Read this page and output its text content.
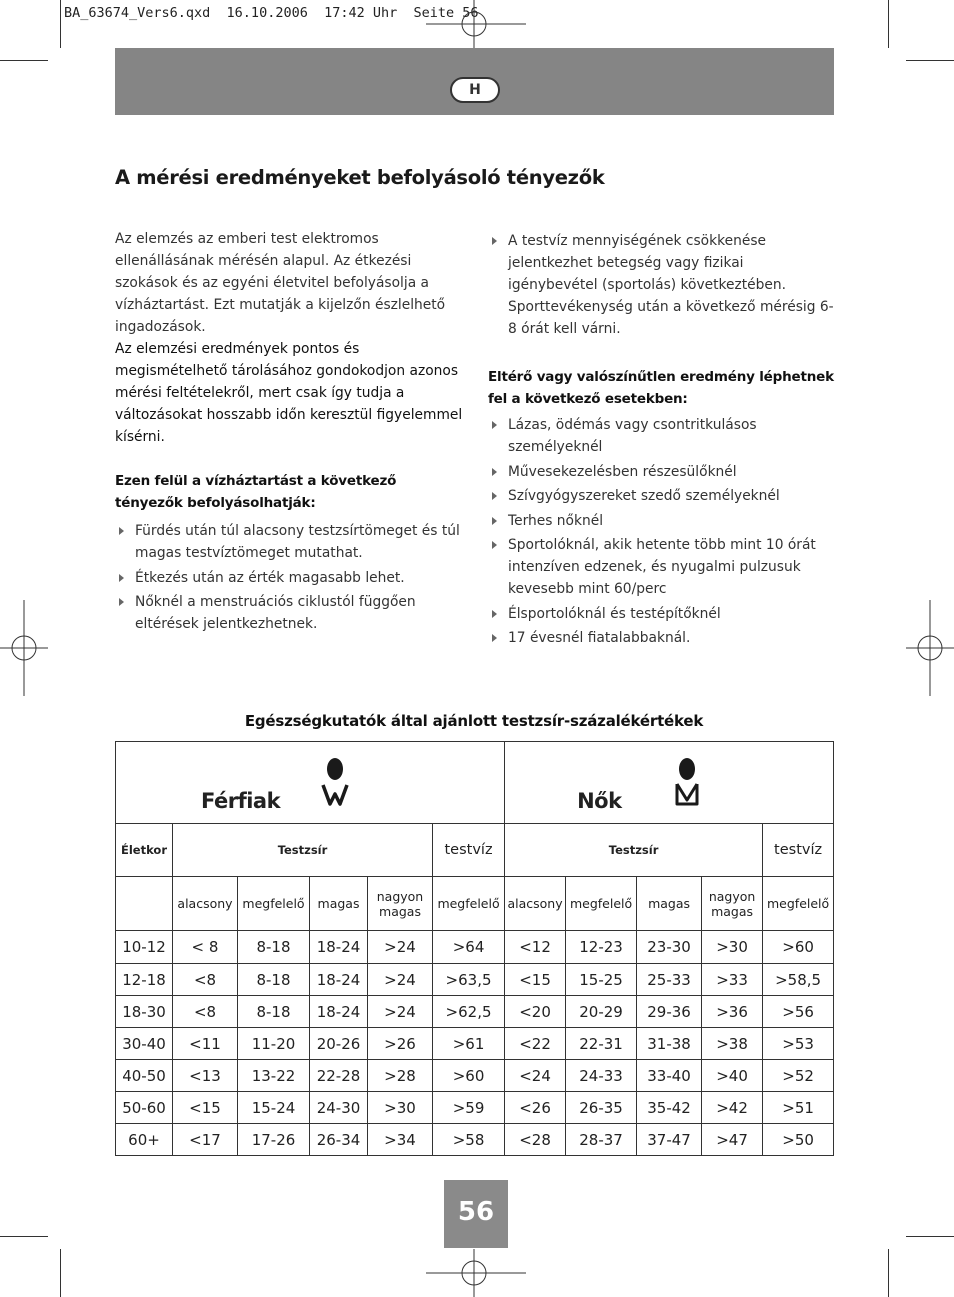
BA_63674_Vers6.qxd  16.10.2006  17:42 Uhr  Seite 56
H
A mérési eredményeket befolyásoló tényezők

Az elemzés az emberi test elektromos ellenállásának mérésén alapul. Az étkezési szokások és az egyéni életvitel befolyásolja a vízháztartást. Ezt mutatják a kijelzőn észlelhető ingadozások.

Az elemzési eredmények pontos és megismételhető tárolásához gondokodjon azonos mérési feltételekről, mert csak így tudja a változásokat hosszabb időn keresztül figyelemmel kísérni.

Ezen felül a vízháztartást a következő tényezők befolyásolhatják:
Fürdés után túl alacsony testzsírtömeget és túl magas testvíztömeget mutathat.
Étkezés után az érték magasabb lehet.
Nőknél a menstruációs ciklustól függően eltérések jelentkezhetnek.
A testvíz mennyiségének csökkenése jelentkezhet betegség vagy fizikai igénybevétel (sportolás) következtében. Sporttevékenység után a következő mérésig 6-8 órát kell várni.
Eltérő vagy valószínűtlen eredmény léphetnek fel a következő esetekben:
Lázas, ödémás vagy csontritkulásos személyeknél
Művesekezelésben részesülőknél
Szívgyógyszereket szedő személyeknél
Terhes nőknél
Sportolóknál, akik hetente több mint 10 órát intenzíven edzenek, és nyugalmi pulzusuk kevesebb mint 60/perc
Élsportolóknál és testépítőknél
17 évesnél fiatalabbaknál.
Egészségkutatók által ajánlott testzsír-százalékértékek
Férfiak						Nők				

Életkor	Testzsír				testvíz	Testzsír				testvíz
	alacsony	megfelelő	magas	nagyon magas	megfelelő	alacsony	megfelelő	magas	nagyon magas	megfelelő
10-12	< 8	8-18	18-24	>24	>64	<12	12-23	23-30	>30	>60
12-18	<8	8-18	18-24	>24	>63,5	<15	15-25	25-33	>33	>58,5
18-30	<8	8-18	18-24	>24	>62,5	<20	20-29	29-36	>36	>56
30-40	<11	11-20	20-26	>26	>61	<22	22-31	31-38	>38	>53
40-50	<13	13-22	22-28	>28	>60	<24	24-33	33-40	>40	>52
50-60	<15	15-24	24-30	>30	>59	<26	26-35	35-42	>42	>51
60+	<17	17-26	26-34	>34	>58	<28	28-37	37-47	>47	>50
56
